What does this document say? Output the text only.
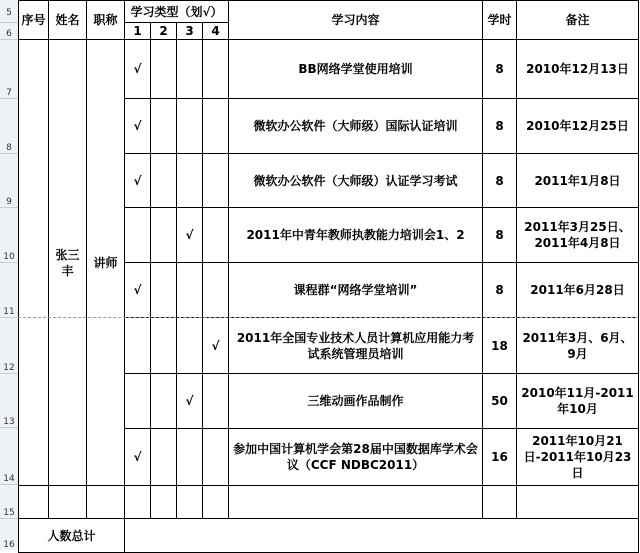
5
6
7
8
9
10
11
12
13
14
15
16
序号	姓名	职称	学习类型（划√）				学习内容	学时	备注
			1	2	3	4			
	张三丰	讲师	√				BB网络学堂使用培训	8	2010年12月13日
			√				微软办公软件（大师级）国际认证培训	8	2010年12月25日
			√				微软办公软件（大师级）认证学习考试	8	2011年1月8日
					√		2011年中青年教师执教能力培训会1、2	8	2011年3月25日、2011年4月8日
			√				课程群“网络学堂培训”	8	2011年6月28日
						√	2011年全国专业技术人员计算机应用能力考试系统管理员培训	18	2011年3月、6月、9月
					√		三维动画作品制作	50	2010年11月-2011年10月
			√				参加中国计算机学会第28届中国数据库学术会议（CCF NDBC2011）	16	2011年10月21日-2011年10月23日

人数总计									
